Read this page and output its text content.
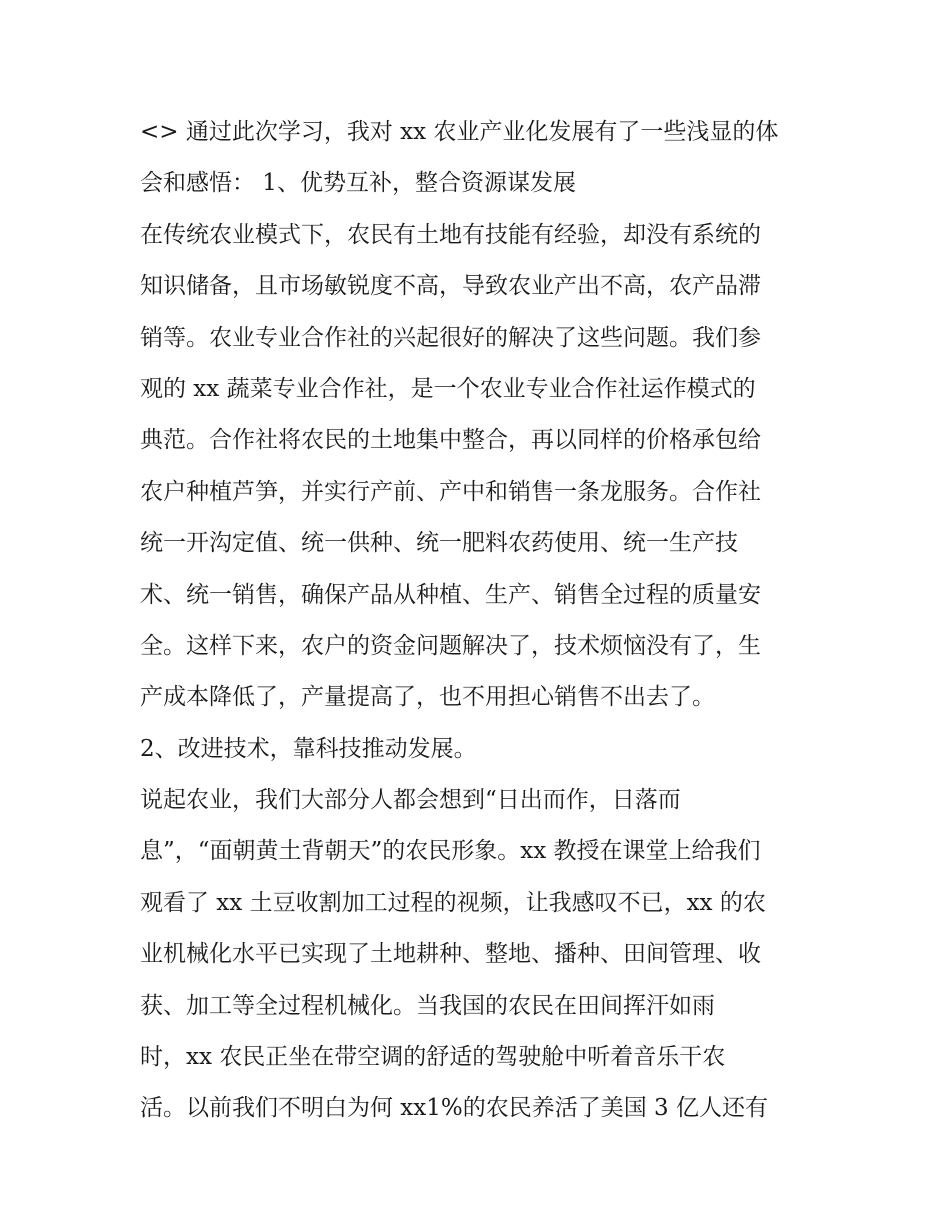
<> 通过此次学习，我对 xx 农业产业化发展有了一些浅显的体
会和感悟： 1、优势互补，整合资源谋发展
在传统农业模式下，农民有土地有技能有经验，却没有系统的
知识储备，且市场敏锐度不高，导致农业产出不高，农产品滞
销等。农业专业合作社的兴起很好的解决了这些问题。我们参
观的 xx 蔬菜专业合作社，是一个农业专业合作社运作模式的
典范。合作社将农民的土地集中整合，再以同样的价格承包给
农户种植芦笋，并实行产前、产中和销售一条龙服务。合作社
统一开沟定值、统一供种、统一肥料农药使用、统一生产技
术、统一销售，确保产品从种植、生产、销售全过程的质量安
全。这样下来，农户的资金问题解决了，技术烦恼没有了，生
产成本降低了，产量提高了，也不用担心销售不出去了。
2、改进技术，靠科技推动发展。
说起农业，我们大部分人都会想到“日出而作，日落而
息”，“面朝黄土背朝天”的农民形象。xx 教授在课堂上给我们
观看了 xx 土豆收割加工过程的视频，让我感叹不已，xx 的农
业机械化水平已实现了土地耕种、整地、播种、田间管理、收
获、加工等全过程机械化。当我国的农民在田间挥汗如雨
时，xx 农民正坐在带空调的舒适的驾驶舱中听着音乐干农
活。以前我们不明白为何 xx1%的农民养活了美国 3 亿人还有
